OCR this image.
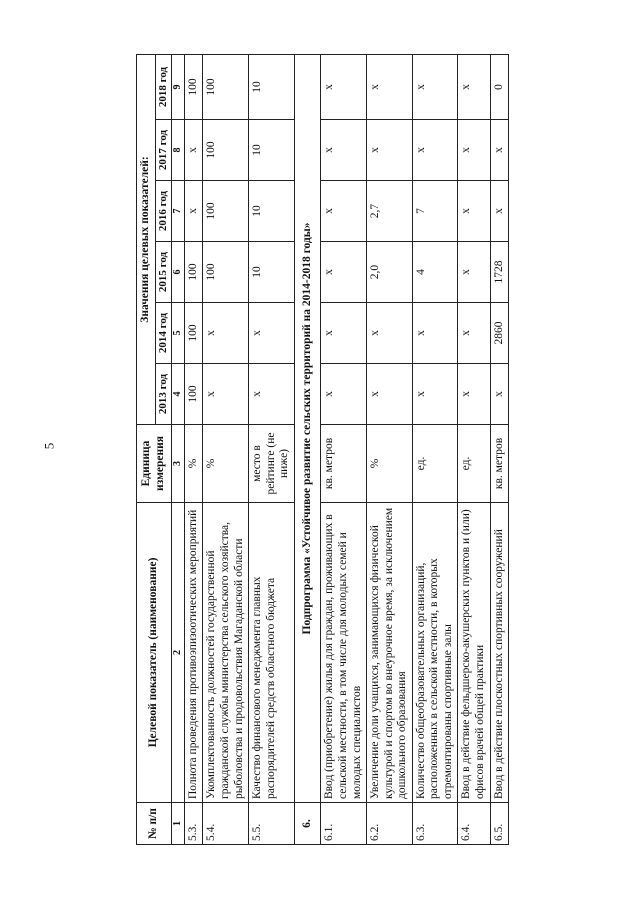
5
№ п/п	Целевой показатель (наименование)	Единица измерения	Значения целевых показателей:					
			2013 год	2014 год	2015 год	2016 год	2017 год	2018 год
1	2	3	4	5	6	7	8	9
5.3.	Полнота проведения противоэпизоотических мероприятий	%	100	100	100	x	x	100
5.4.	Укомплектованность должностей государственной гражданской службы министерства сельского хозяйства, рыболовства и продовольствия Магаданской области	%	x	x	100	100	100	100
5.5.	Качество финансового менеджмента главных распорядителей средств областного бюджета	место в рейтинге (не ниже)	x	x	10	10	10	10
6.	Подпрограмма «Устойчивое развитие сельских территорий на 2014-2018 годы»							
6.1.	Ввод (приобретение) жилья для граждан, проживающих в сельской местности, в том числе для молодых семей и молодых специалистов	кв. метров	x	x	x	x	x	x
6.2.	Увеличение доли учащихся, занимающихся физической культурой и спортом во внеурочное время, за исключением дошкольного образования	%	x	x	2,0	2,7	x	x
6.3.	Количество общеобразовательных организаций, расположенных в сельской местности, в которых отремонтированы спортивные залы	ед.	x	x	4	7	x	x
6.4.	Ввод в действие фельдшерско-акушерских пунктов и (или) офисов врачей общей практики	ед.	x	x	x	x	x	x
6.5.	Ввод в действие плоскостных спортивных сооружений	кв. метров	x	2860	1728	x	x	0
